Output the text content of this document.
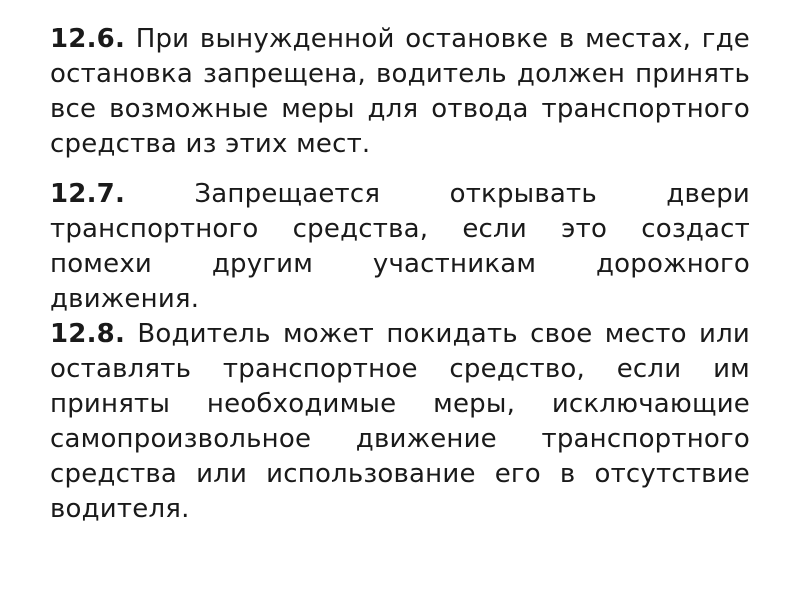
12.6. При вынужденной остановке в местах, где остановка запрещена, водитель должен принять все возможные меры для отвода транспортного средства из этих мест.

12.7.	Запрещается открывать двери транспортного средства, если это создаст помехи другим участникам дорожного движения.

12.8. Водитель может покидать свое место или оставлять транспортное средство, если им приняты необходимые меры, исключающие самопроизвольное движение транспортного средства или использование его в отсутствие водителя.
